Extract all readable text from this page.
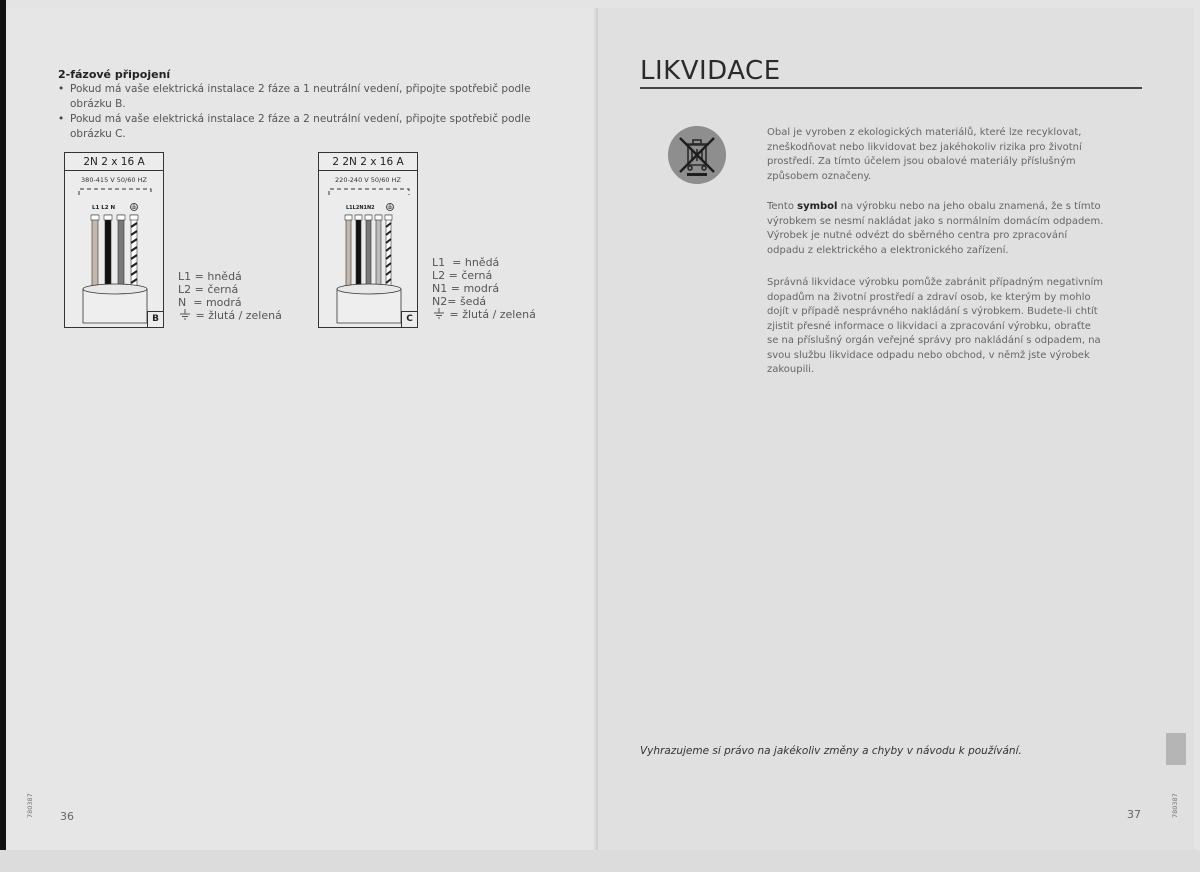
2-fázové připojení
• Pokud má vaše elektrická instalace 2 fáze a 1 neutrální vedení, připojte spotřebič podle
obrázku B.
• Pokud má vaše elektrická instalace 2 fáze a 2 neutrální vedení, připojte spotřebič podle
obrázku C.
2N 2 x 16 A
380-415 V 50/60 HZ
L1 L2 N
B
L1 = hnědá
L2 = černá
N = modrá
= žlutá / zelená
2 2N 2 x 16 A
220-240 V 50/60 HZ
L1L2N1N2
C
L1 = hnědá
L2 = černá
N1 = modrá
N2= šedá
= žlutá / zelená
36
780387
LIKVIDACE
Obal je vyroben z ekologických materiálů, které lze recyklovat,
zneškodňovat nebo likvidovat bez jakéhokoliv rizika pro životní
prostředí. Za tímto účelem jsou obalové materiály příslušným
způsobem označeny.
Tento symbol na výrobku nebo na jeho obalu znamená, že s tímto
výrobkem se nesmí nakládat jako s normálním domácím odpadem.
Výrobek je nutné odvézt do sběrného centra pro zpracování
odpadu z elektrického a elektronického zařízení.
Správná likvidace výrobku pomůže zabránit případným negativním
dopadům na životní prostředí a zdraví osob, ke kterým by mohlo
dojít v případě nesprávného nakládání s výrobkem. Budete-li chtít
zjistit přesné informace o likvidaci a zpracování výrobku, obraťte
se na příslušný orgán veřejné správy pro nakládání s odpadem, na
svou službu likvidace odpadu nebo obchod, v němž jste výrobek
zakoupili.
Vyhrazujeme si právo na jakékoliv změny a chyby v návodu k používání.
37	780387
